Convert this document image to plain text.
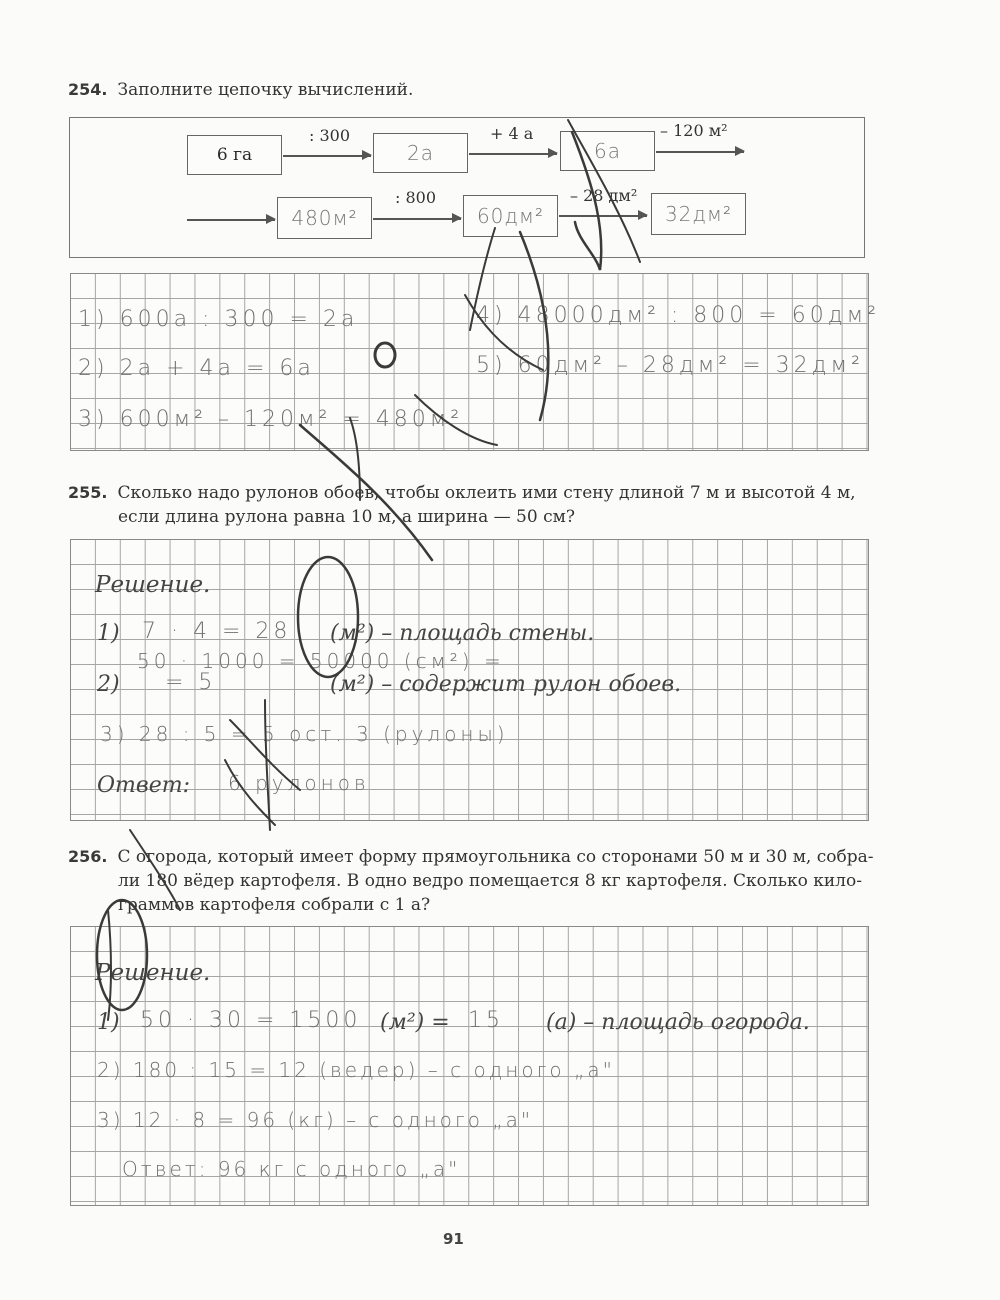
254. Заполните цепочку вычислений.
6 га
: 300
2а
+ 4 а
6а
– 120 м²
480м²
: 800
60дм²
– 28 дм²
32дм²
1) 600а : 300 = 2а
2) 2а + 4а = 6а
3) 600м² – 120м² = 480м²
4) 48000дм² : 800 = 60дм²
5) 60дм² – 28дм² = 32дм²
255. Сколько надо рулонов обоев, чтобы оклеить ими стену длиной 7 м и высотой 4 м,
если длина рулона равна 10 м, а ширина — 50 см?
Решение.
1) 7 · 4 = 28 (м²) – площадь стены.
50 · 1000 = 50000 (см²) =
2) = 5	(м²) – содержит рулон обоев.
3) 28 : 5 = 5 ост. 3 (рулоны)
Ответ: 6 рулонов
256. С огорода, который имеет форму прямоугольника со сторонами 50 м и 30 м, собра-
ли 180 вёдер картофеля. В одно ведро помещается 8 кг картофеля. Сколько кило-
граммов картофеля собрали с 1 а?
Решение.
1) 50 · 30 = 1500 (м²) = 15 (а) – площадь огорода.
2) 180 : 15 = 12 (ведер) – с одного „а"
3) 12 · 8 = 96 (кг) – с одного „а"
Ответ: 96 кг с одного „а"
91
